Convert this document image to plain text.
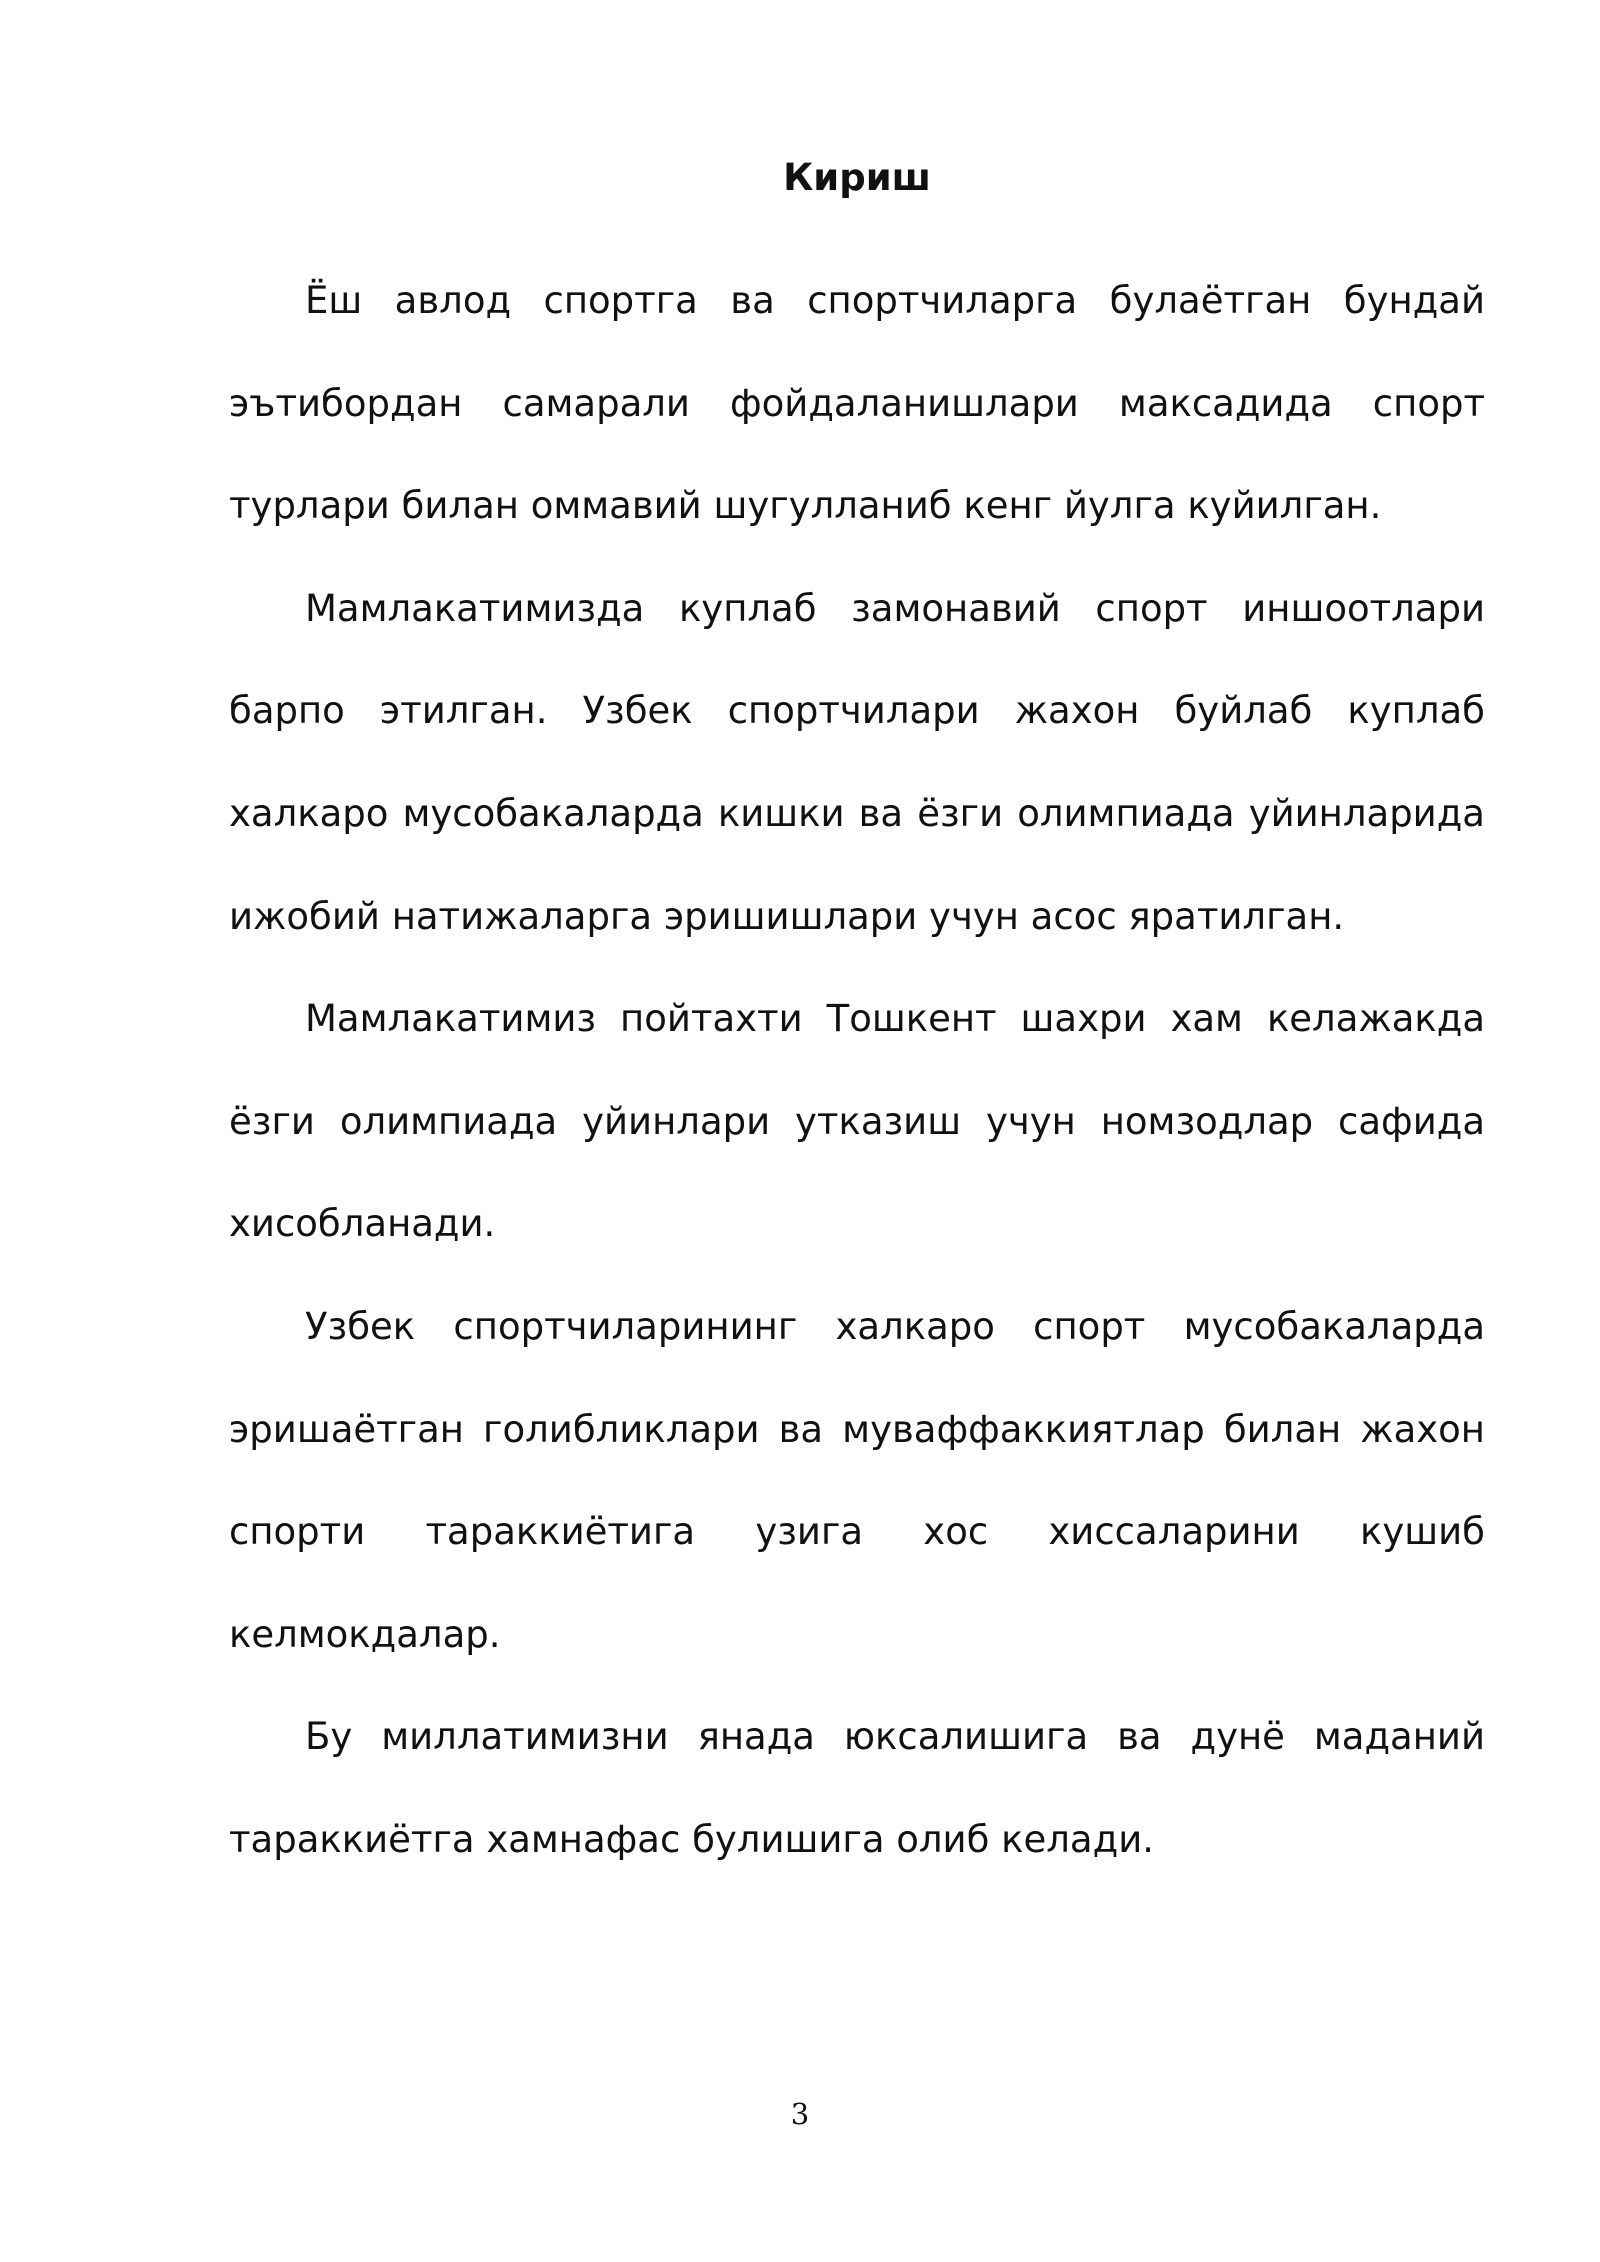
Кириш

Ёш авлод спортга ва спортчиларга булаётган бундай эътибордан самарали фойдаланишлари максадида спорт турлари билан оммавий шугулланиб кенг йулга куйилган.

Мамлакатимизда куплаб замонавий спорт иншоотлари барпо этилган. Узбек спортчилари жахон буйлаб куплаб халкаро мусобакаларда кишки ва ёзги олимпиада уйинларида ижобий натижаларга эришишлари учун асос яратилган.

Мамлакатимиз пойтахти Тошкент шахри хам келажакда ёзги олимпиада уйинлари утказиш учун номзодлар сафида хисобланади.

Узбек спортчиларининг халкаро спорт мусобакаларда эришаётган голибликлари ва муваффаккиятлар билан жахон спорти тараккиётига узига хос хиссаларини кушиб келмокдалар.

Бу миллатимизни янада юксалишига ва дунё маданий тараккиётга хамнафас булишига олиб келади.

3
